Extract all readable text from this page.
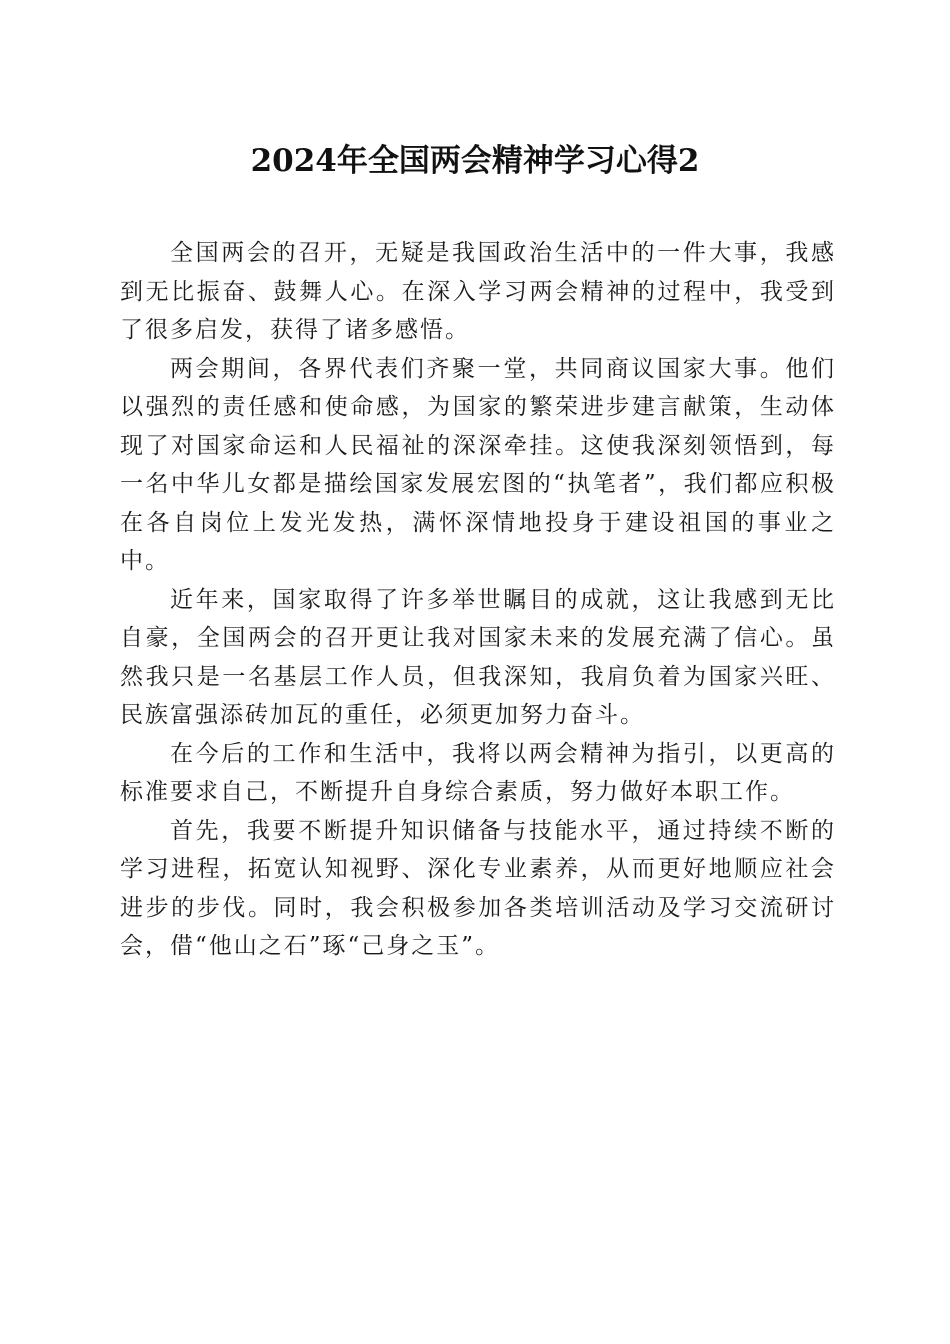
2024年全国两会精神学习心得2

全国两会的召开，无疑是我国政治生活中的一件大事，我感到无比振奋、鼓舞人心。在深入学习两会精神的过程中，我受到了很多启发，获得了诸多感悟。

两会期间，各界代表们齐聚一堂，共同商议国家大事。他们以强烈的责任感和使命感，为国家的繁荣进步建言献策，生动体现了对国家命运和人民福祉的深深牵挂。这使我深刻领悟到，每一名中华儿女都是描绘国家发展宏图的“执笔者”，我们都应积极在各自岗位上发光发热，满怀深情地投身于建设祖国的事业之中。

近年来，国家取得了许多举世瞩目的成就，这让我感到无比自豪，全国两会的召开更让我对国家未来的发展充满了信心。虽然我只是一名基层工作人员，但我深知，我肩负着为国家兴旺、民族富强添砖加瓦的重任，必须更加努力奋斗。

在今后的工作和生活中，我将以两会精神为指引，以更高的标准要求自己，不断提升自身综合素质，努力做好本职工作。

首先，我要不断提升知识储备与技能水平，通过持续不断的学习进程，拓宽认知视野、深化专业素养，从而更好地顺应社会进步的步伐。同时，我会积极参加各类培训活动及学习交流研讨会，借“他山之石”琢“己身之玉”。
